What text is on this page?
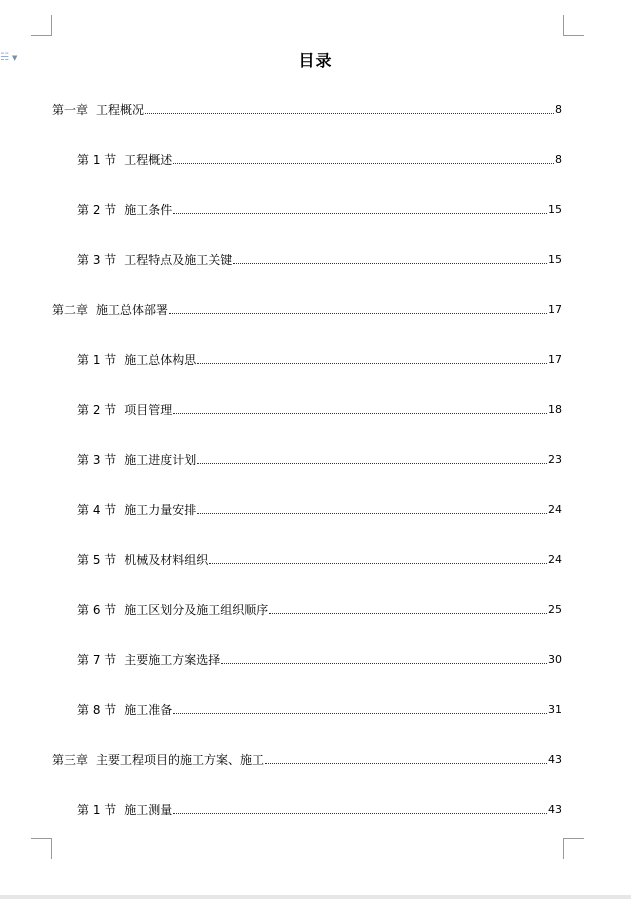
☵ ▼	目录
第一章 工程概况	8
第 1 节 工程概述	8
第 2 节 施工条件	15
第 3 节 工程特点及施工关键	15
第二章 施工总体部署	17
第 1 节 施工总体构思	17
第 2 节 项目管理	18
第 3 节 施工进度计划	23
第 4 节 施工力量安排	24
第 5 节 机械及材料组织	24
第 6 节 施工区划分及施工组织顺序	25
第 7 节 主要施工方案选择	30
第 8 节 施工准备	31
第三章 主要工程项目的施工方案、施工	43
第 1 节 施工测量	43
